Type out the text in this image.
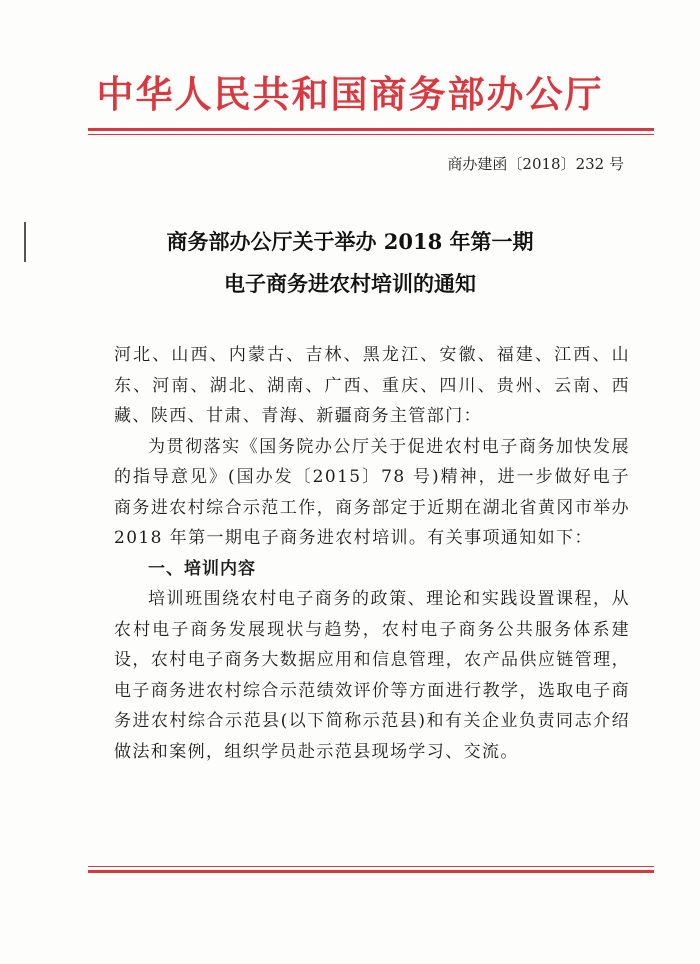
中华人民共和国商务部办公厅
商办建函〔2018〕232 号
商务部办公厅关于举办 2018 年第一期
电子商务进农村培训的通知

河北、山西、内蒙古、吉林、黑龙江、安徽、福建、江西、山东、河南、湖北、湖南、广西、重庆、四川、贵州、云南、西藏、陕西、甘肃、青海、新疆商务主管部门：

为贯彻落实《国务院办公厅关于促进农村电子商务加快发展的指导意见》(国办发〔2015〕78 号)精神，进一步做好电子商务进农村综合示范工作，商务部定于近期在湖北省黄冈市举办 2018 年第一期电子商务进农村培训。有关事项通知如下：

一、培训内容

培训班围绕农村电子商务的政策、理论和实践设置课程，从农村电子商务发展现状与趋势，农村电子商务公共服务体系建设，农村电子商务大数据应用和信息管理，农产品供应链管理，电子商务进农村综合示范绩效评价等方面进行教学，选取电子商务进农村综合示范县(以下简称示范县)和有关企业负责同志介绍做法和案例，组织学员赴示范县现场学习、交流。
